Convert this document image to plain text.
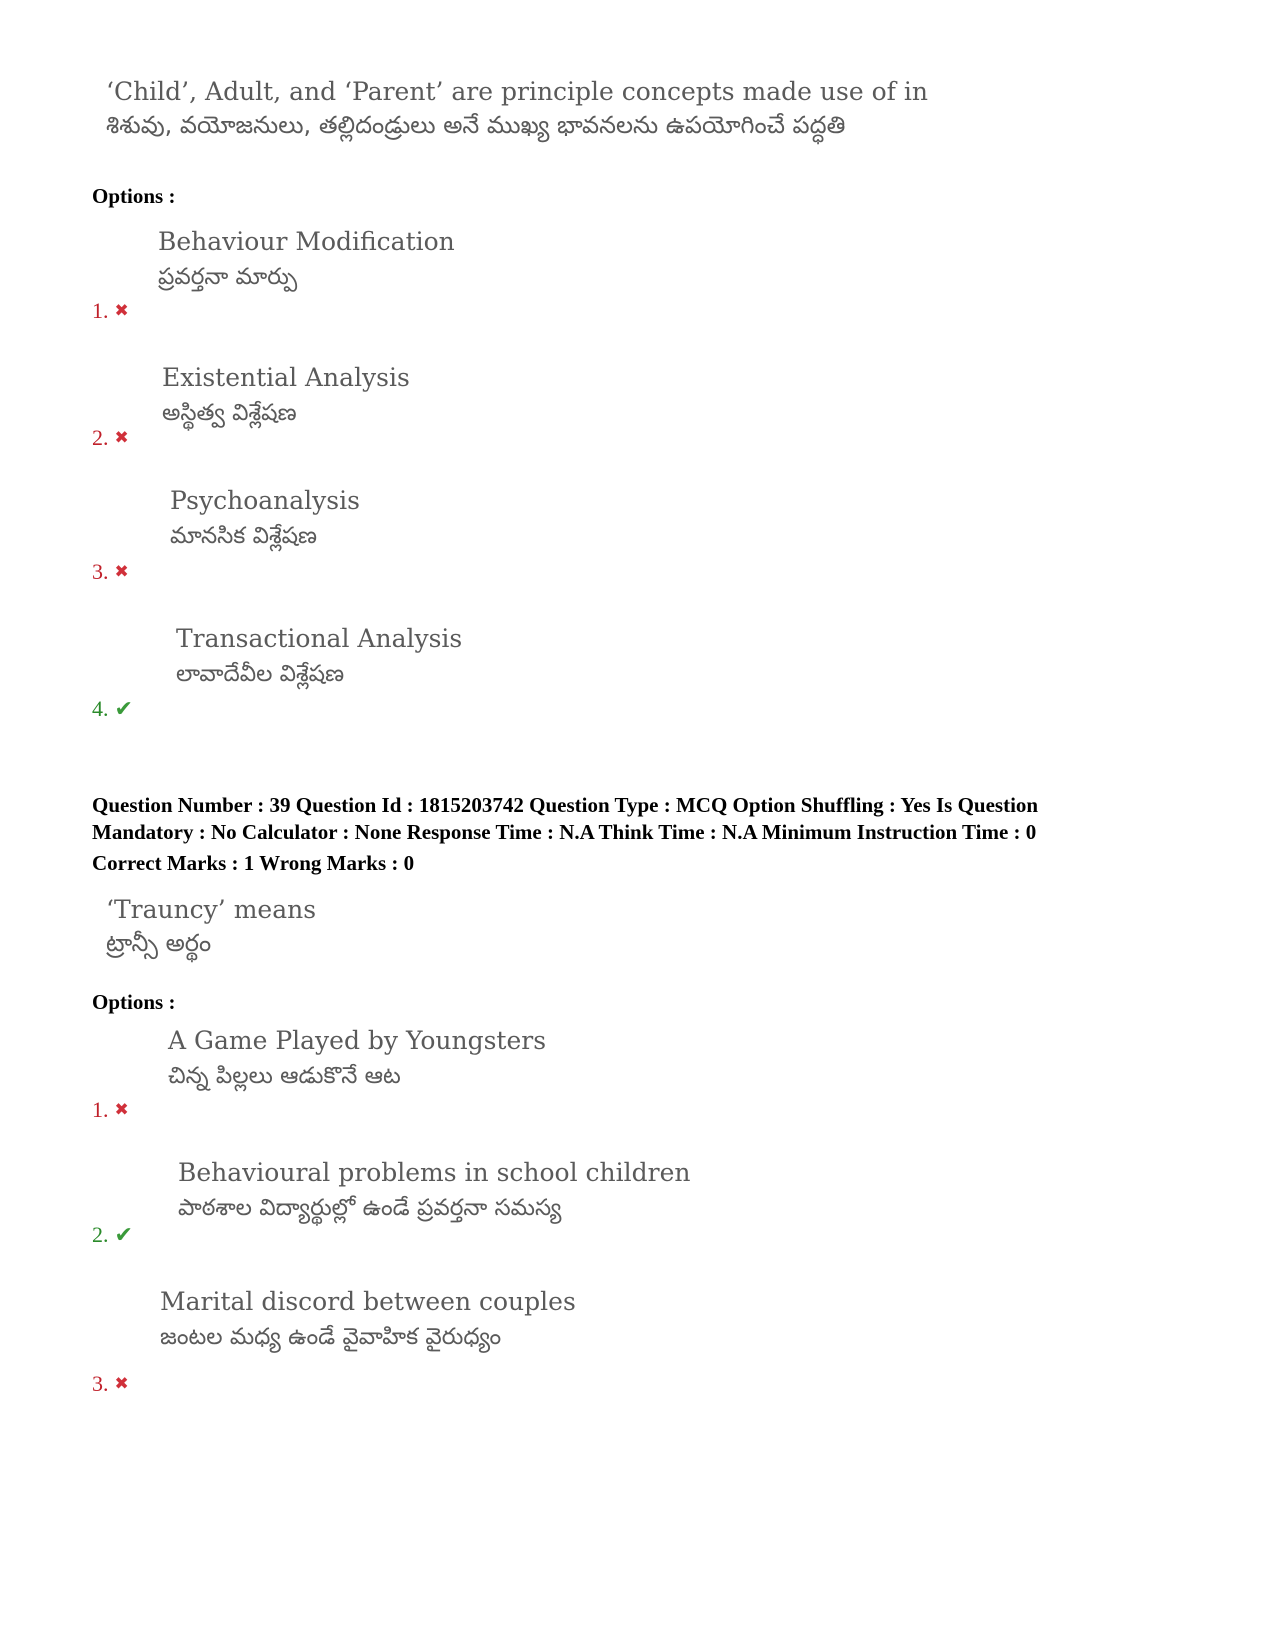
‘Child’, Adult, and ‘Parent’ are principle concepts made use of in
శిశువు, వయోజనులు, తల్లిదండ్రులు అనే ముఖ్య భావనలను ఉపయోగించే పద్ధతి
Options :
Behaviour Modification
ప్రవర్తనా మార్పు
1. ✖
Existential Analysis
అస్థిత్వ విశ్లేషణ
2. ✖
Psychoanalysis
మానసిక విశ్లేషణ
3. ✖
Transactional Analysis
లావాదేవీల విశ్లేషణ
4. ✔
Question Number : 39 Question Id : 1815203742 Question Type : MCQ Option Shuffling : Yes Is Question
Mandatory : No Calculator : None Response Time : N.A Think Time : N.A Minimum Instruction Time : 0
Correct Marks : 1 Wrong Marks : 0
‘Trauncy’ means
ట్రాన్సీ అర్థం
Options :
A Game Played by Youngsters
చిన్న పిల్లలు ఆడుకొనే ఆట
1. ✖
Behavioural problems in school children
పాఠశాల విద్యార్థుల్లో ఉండే ప్రవర్తనా సమస్య
2. ✔
Marital discord between couples
జంటల మధ్య ఉండే వైవాహిక వైరుధ్యం
3. ✖
